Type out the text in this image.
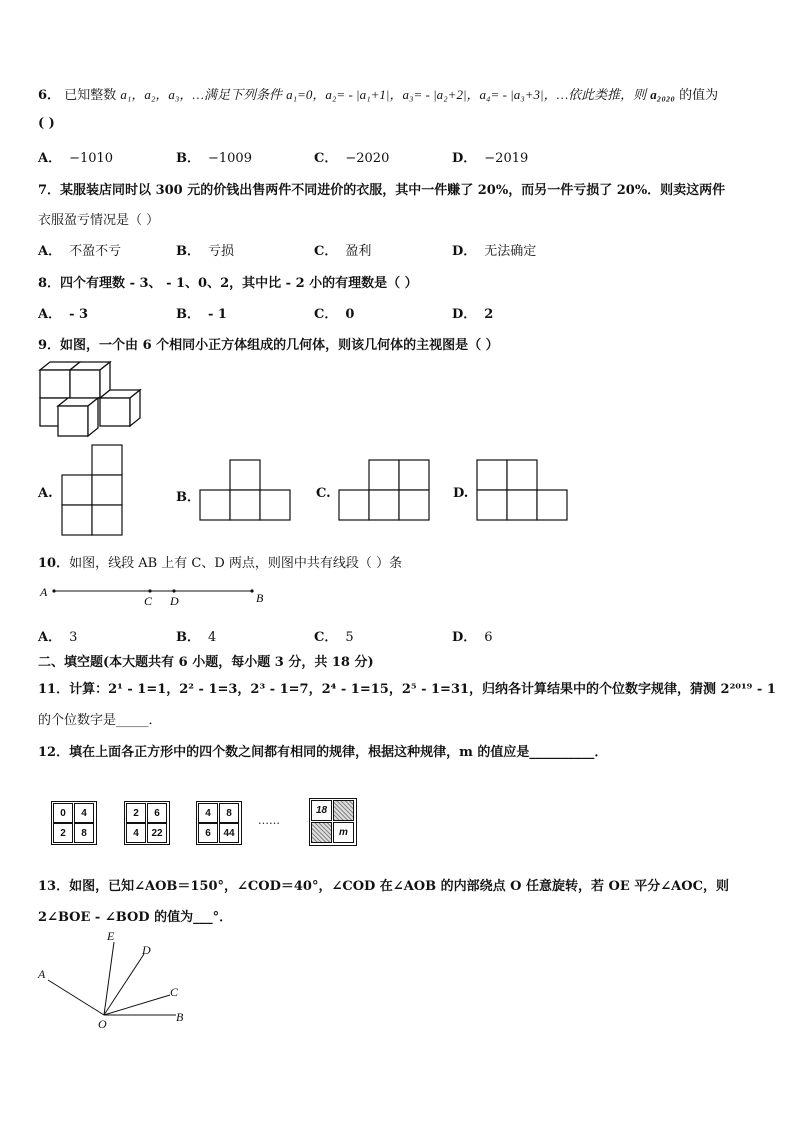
6． 已知整数 a₁，a₂，a₃，…满足下列条件 a₁=0，a₂= - |a₁+1|，a₃= - |a₂+2|，a₄= - |a₃+3|，…依此类推，则 a₂₀₂₀ 的值为
( )
A． −1010	B． −1009	C． −2020	D． −2019
7．某服装店同时以 300 元的价钱出售两件不同进价的衣服，其中一件赚了 20%，而另一件亏损了 20%．则卖这两件
衣服盈亏情况是（ ）
A． 不盈不亏	B． 亏损	C． 盈利	D． 无法确定
8．四个有理数 - 3、 - 1、0、2，其中比 - 2 小的有理数是（ ）
A． - 3	B． - 1	C． 0	D． 2
9．如图，一个由 6 个相同小正方体组成的几何体，则该几何体的主视图是（ ）
A.	B．	C.	D.
10．如图，线段 AB 上有 C、D 两点，则图中共有线段（ ）条
A
C D	B
A． 3	B． 4	C． 5	D． 6
二、填空题(本大题共有 6 小题，每小题 3 分，共 18 分)
11．计算：2¹ - 1=1，2² - 1=3，2³ - 1=7，2⁴ - 1=15，2⁵ - 1=31，归纳各计算结果中的个位数字规律，猜测 2²⁰¹⁹ - 1
的个位数字是_____．
12．填在上面各正方形中的四个数之间都有相同的规律，根据这种规律，m 的值应是__________．
0	4
2	8
2	6
4	22
4	8
6	44
……
18
m
13．如图，已知∠AOB＝150°，∠COD＝40°，∠COD 在∠AOB 的内部绕点 O 任意旋转，若 OE 平分∠AOC，则
2∠BOE - ∠BOD 的值为___°．
E
D
A
C
O	B
